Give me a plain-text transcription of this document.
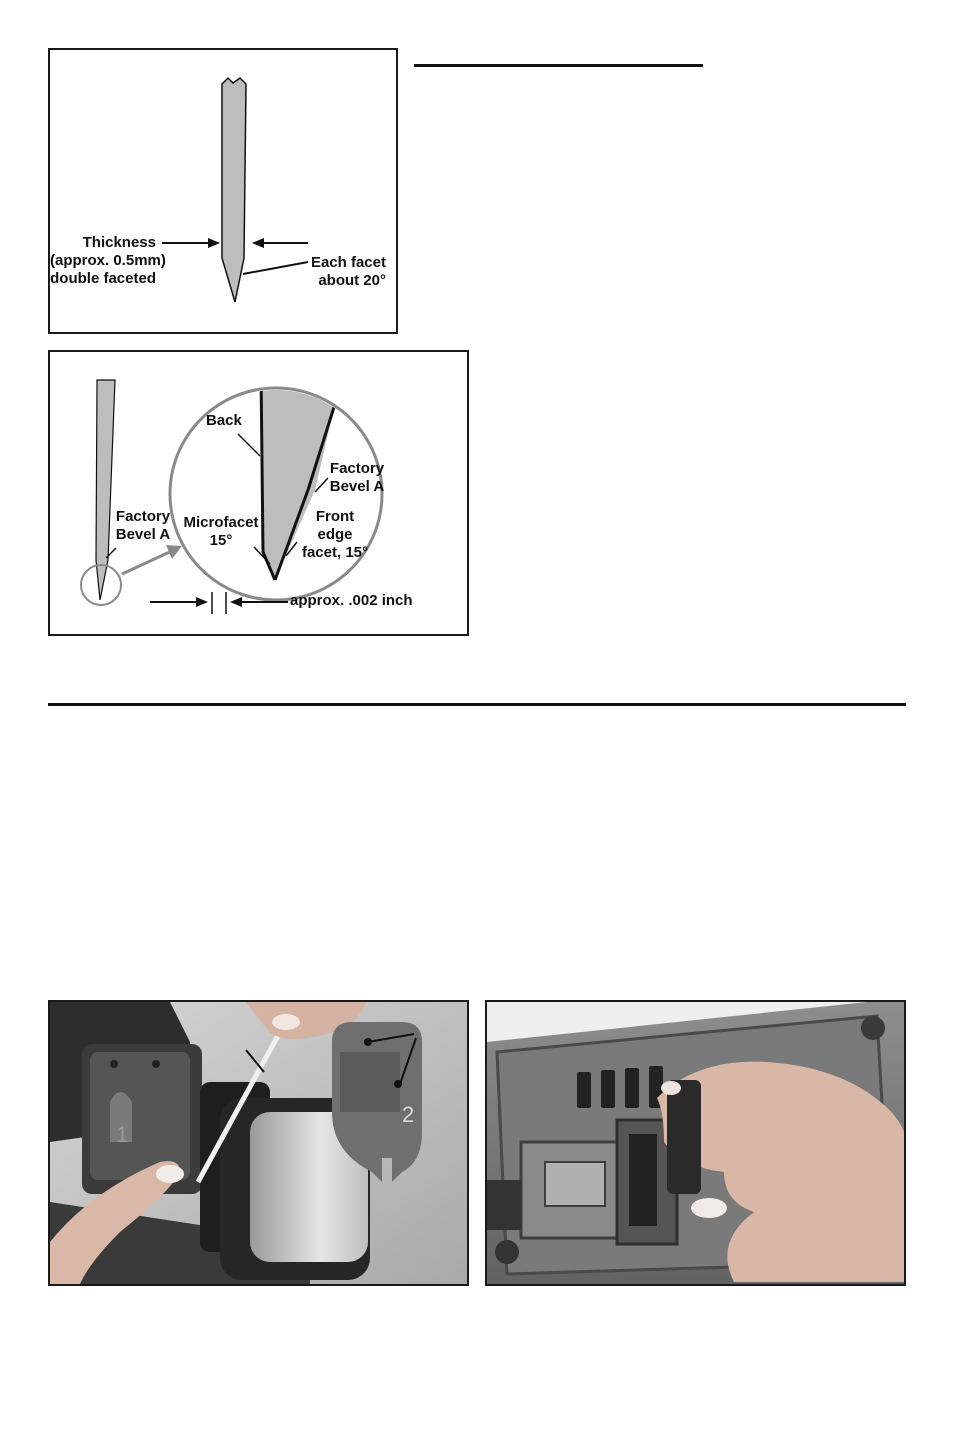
Thickness
(approx. 0.5mm)
double faceted
Each facet
about 20°
Factory
Bevel A
Back
Factory
Bevel A
Microfacet
15°
Front
edge
facet, 15°
approx. .002 inch
1
2
